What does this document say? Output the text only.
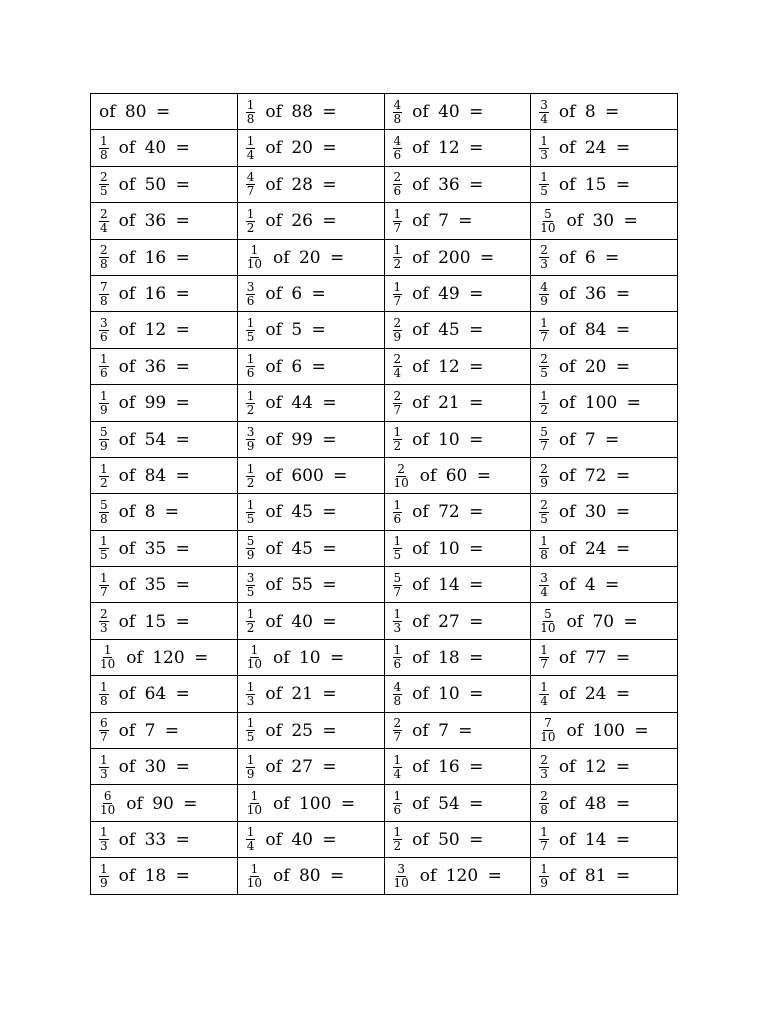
of 80 =	$\frac{1}{8}$ of 88 =	$\frac{4}{8}$ of 40 =	$\frac{3}{4}$ of 8 =

$\frac{1}{8}$ of 40 =	$\frac{1}{4}$ of 20 =	$\frac{4}{6}$ of 12 =	$\frac{1}{3}$ of 24 =

$\frac{2}{5}$ of 50 =	$\frac{4}{7}$ of 28 =	$\frac{2}{6}$ of 36 =	$\frac{1}{5}$ of 15 =

$\frac{2}{4}$ of 36 =	$\frac{1}{2}$ of 26 =	$\frac{1}{7}$ of 7 =	$\frac{5}{10}$ of 30 =

$\frac{2}{8}$ of 16 =	$\frac{1}{10}$ of 20 =	$\frac{1}{2}$ of 200 =	$\frac{2}{3}$ of 6 =

$\frac{7}{8}$ of 16 =	$\frac{3}{6}$ of 6 =	$\frac{1}{7}$ of 49 =	$\frac{4}{9}$ of 36 =

$\frac{3}{6}$ of 12 =	$\frac{1}{5}$ of 5 =	$\frac{2}{9}$ of 45 =	$\frac{1}{7}$ of 84 =

$\frac{1}{6}$ of 36 =	$\frac{1}{6}$ of 6 =	$\frac{2}{4}$ of 12 =	$\frac{2}{5}$ of 20 =

$\frac{1}{9}$ of 99 =	$\frac{1}{2}$ of 44 =	$\frac{2}{7}$ of 21 =	$\frac{1}{2}$ of 100 =

$\frac{5}{9}$ of 54 =	$\frac{3}{9}$ of 99 =	$\frac{1}{2}$ of 10 =	$\frac{5}{7}$ of 7 =

$\frac{1}{2}$ of 84 =	$\frac{1}{2}$ of 600 =	$\frac{2}{10}$ of 60 =	$\frac{2}{9}$ of 72 =

$\frac{5}{8}$ of 8 =	$\frac{1}{5}$ of 45 =	$\frac{1}{6}$ of 72 =	$\frac{2}{5}$ of 30 =

$\frac{1}{5}$ of 35 =	$\frac{5}{9}$ of 45 =	$\frac{1}{5}$ of 10 =	$\frac{1}{8}$ of 24 =

$\frac{1}{7}$ of 35 =	$\frac{3}{5}$ of 55 =	$\frac{5}{7}$ of 14 =	$\frac{3}{4}$ of 4 =

$\frac{2}{3}$ of 15 =	$\frac{1}{2}$ of 40 =	$\frac{1}{3}$ of 27 =	$\frac{5}{10}$ of 70 =

$\frac{1}{10}$ of 120 =	$\frac{1}{10}$ of 10 =	$\frac{1}{6}$ of 18 =	$\frac{1}{7}$ of 77 =

$\frac{1}{8}$ of 64 =	$\frac{1}{3}$ of 21 =	$\frac{4}{8}$ of 10 =	$\frac{1}{4}$ of 24 =

$\frac{6}{7}$ of 7 =	$\frac{1}{5}$ of 25 =	$\frac{2}{7}$ of 7 =	$\frac{7}{10}$ of 100 =

$\frac{1}{3}$ of 30 =	$\frac{1}{9}$ of 27 =	$\frac{1}{4}$ of 16 =	$\frac{2}{3}$ of 12 =

$\frac{6}{10}$ of 90 =	$\frac{1}{10}$ of 100 =	$\frac{1}{6}$ of 54 =	$\frac{2}{8}$ of 48 =

$\frac{1}{3}$ of 33 =	$\frac{1}{4}$ of 40 =	$\frac{1}{2}$ of 50 =	$\frac{1}{7}$ of 14 =

$\frac{1}{9}$ of 18 =	$\frac{1}{10}$ of 80 =	$\frac{3}{10}$ of 120 =	$\frac{1}{9}$ of 81 =
